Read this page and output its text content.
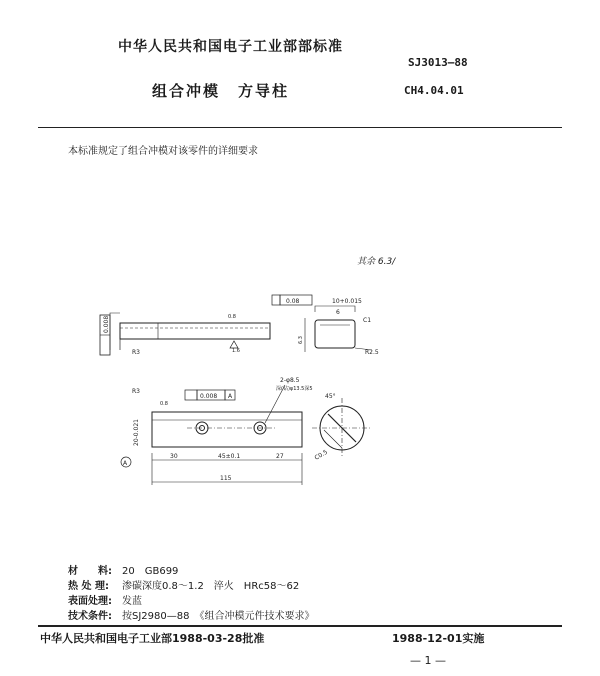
中华人民共和国电子工业部部标准
SJ3013—88
组合冲模 方导柱	CH4.04.01
本标准规定了组合冲模对该零件的详细要求
其余 6.3/
0.008
R3	1.6
0.8
0.08	10+0.015
6
C1
R2.5
6.3
0.008 A
R3
2-φ8.5
深(钻)φ13.5深5
30	45±0.1	27
115
20-0.021
A
0.8
45°
C0.5
材　　料: 20　GB699
热 处 理: 渗碳深度0.8～1.2　淬火　HRc58～62
表面处理: 发蓝
技术条件: 按SJ2980—88　《组合冲模元件技术要求》
中华人民共和国电子工业部1988-03-28批准	1988-12-01实施
— 1 —
